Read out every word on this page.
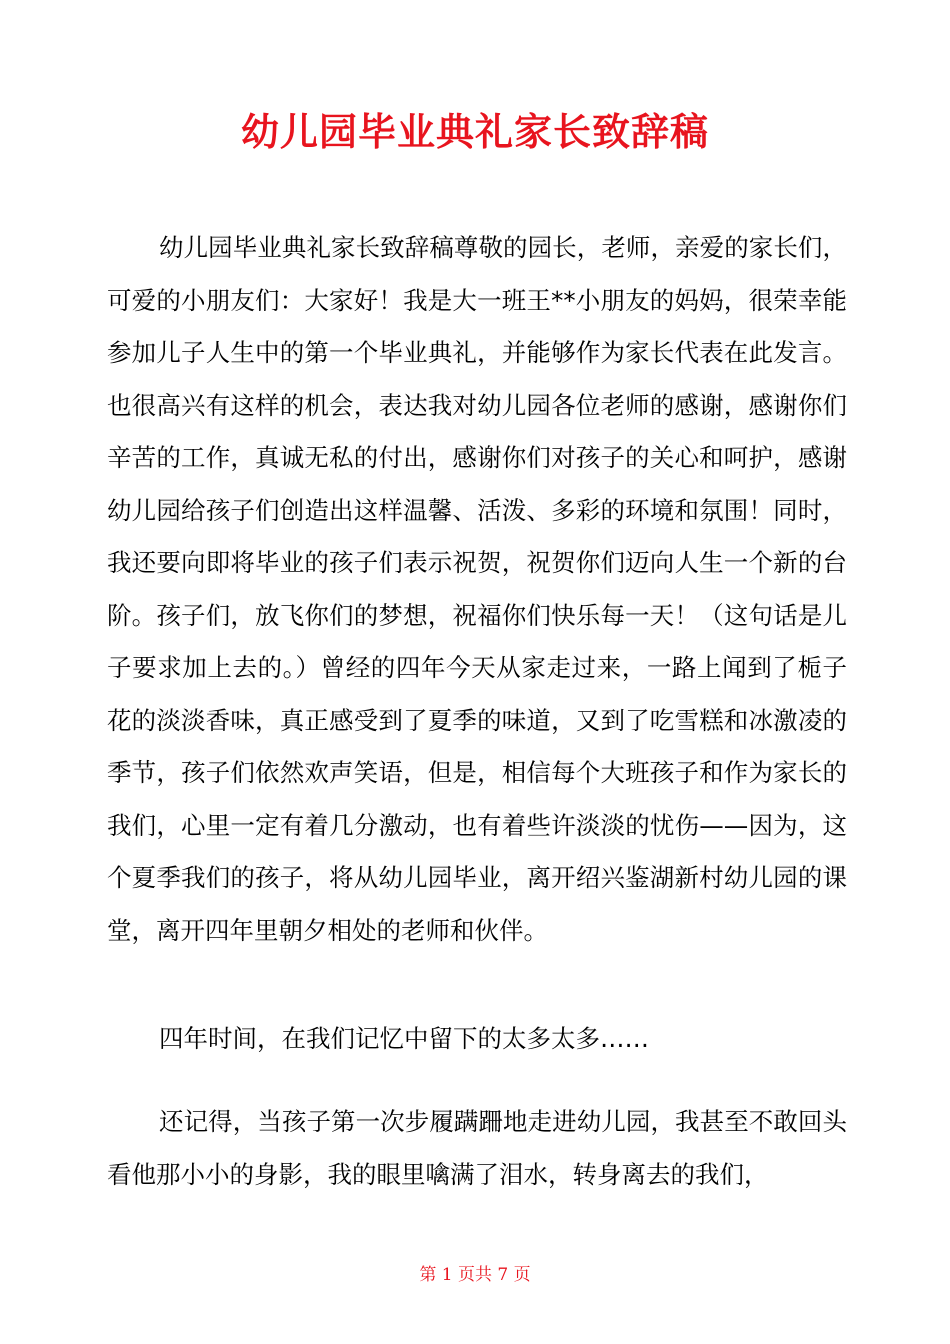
幼儿园毕业典礼家长致辞稿

幼儿园毕业典礼家长致辞稿尊敬的园长，老师，亲爱的家长们，可爱的小朋友们：大家好！我是大一班王**小朋友的妈妈，很荣幸能参加儿子人生中的第一个毕业典礼，并能够作为家长代表在此发言。也很高兴有这样的机会，表达我对幼儿园各位老师的感谢，感谢你们辛苦的工作，真诚无私的付出，感谢你们对孩子的关心和呵护，感谢幼儿园给孩子们创造出这样温馨、活泼、多彩的环境和氛围！同时，我还要向即将毕业的孩子们表示祝贺，祝贺你们迈向人生一个新的台阶。孩子们，放飞你们的梦想，祝福你们快乐每一天！（这句话是儿子要求加上去的。）曾经的四年今天从家走过来，一路上闻到了栀子花的淡淡香味，真正感受到了夏季的味道，又到了吃雪糕和冰激凌的季节，孩子们依然欢声笑语，但是，相信每个大班孩子和作为家长的我们，心里一定有着几分激动，也有着些许淡淡的忧伤——因为，这个夏季我们的孩子，将从幼儿园毕业，离开绍兴鉴湖新村幼儿园的课堂，离开四年里朝夕相处的老师和伙伴。

四年时间，在我们记忆中留下的太多太多……

还记得，当孩子第一次步履蹒跚地走进幼儿园，我甚至不敢回头看他那小小的身影，我的眼里噙满了泪水，转身离去的我们，

第 1 页共 7 页
